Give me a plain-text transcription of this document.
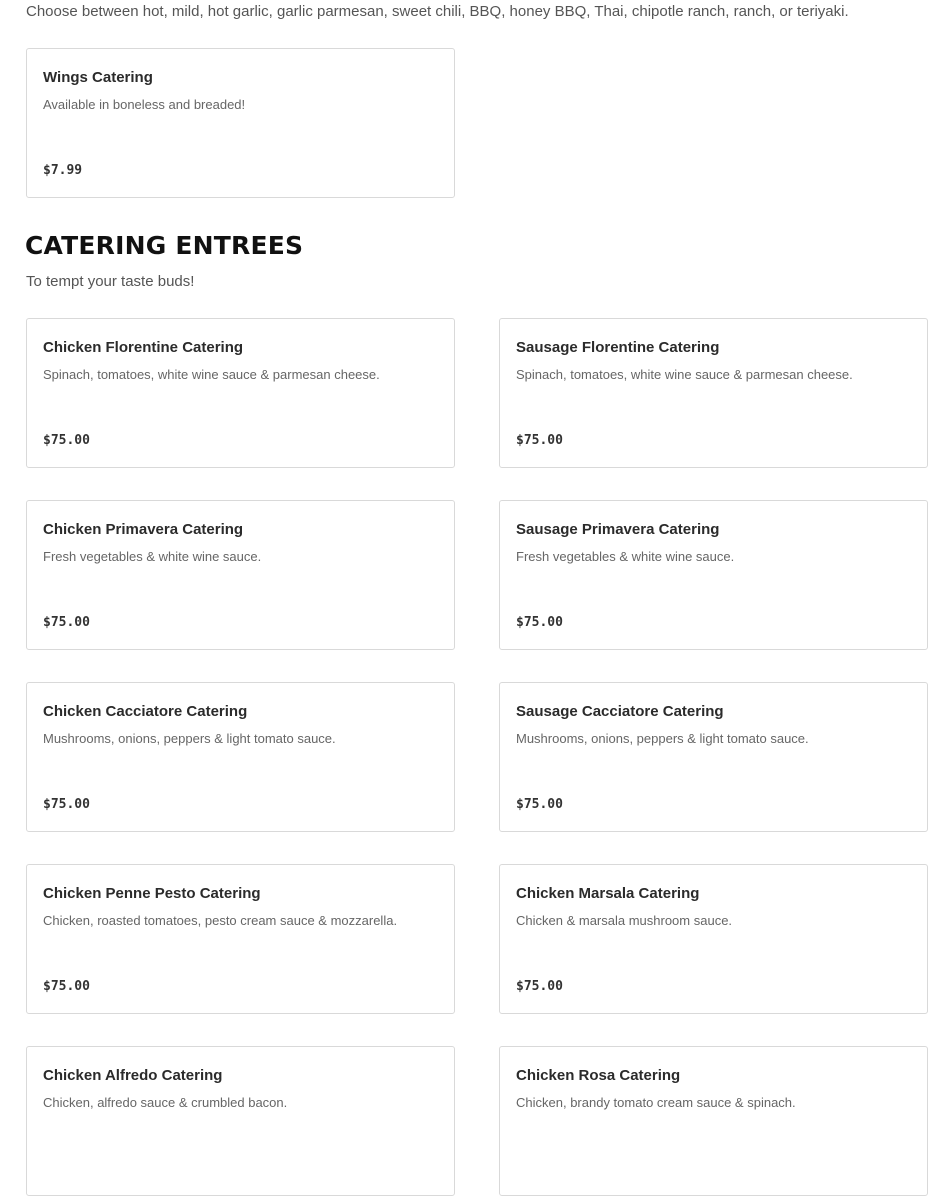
Choose between hot, mild, hot garlic, garlic parmesan, sweet chili, BBQ, honey BBQ, Thai, chipotle ranch, ranch, or teriyaki.
Wings Catering
Available in boneless and breaded!
$7.99
CATERING ENTREES
To tempt your taste buds!
Chicken Florentine Catering
Spinach, tomatoes, white wine sauce & parmesan cheese.
$75.00
Sausage Florentine Catering
Spinach, tomatoes, white wine sauce & parmesan cheese.
$75.00
Chicken Primavera Catering
Fresh vegetables & white wine sauce.
$75.00
Sausage Primavera Catering
Fresh vegetables & white wine sauce.
$75.00
Chicken Cacciatore Catering
Mushrooms, onions, peppers & light tomato sauce.
$75.00
Sausage Cacciatore Catering
Mushrooms, onions, peppers & light tomato sauce.
$75.00
Chicken Penne Pesto Catering
Chicken, roasted tomatoes, pesto cream sauce & mozzarella.
$75.00
Chicken Marsala Catering
Chicken & marsala mushroom sauce.
$75.00
Chicken Alfredo Catering
Chicken, alfredo sauce & crumbled bacon.
Chicken Rosa Catering
Chicken, brandy tomato cream sauce & spinach.
